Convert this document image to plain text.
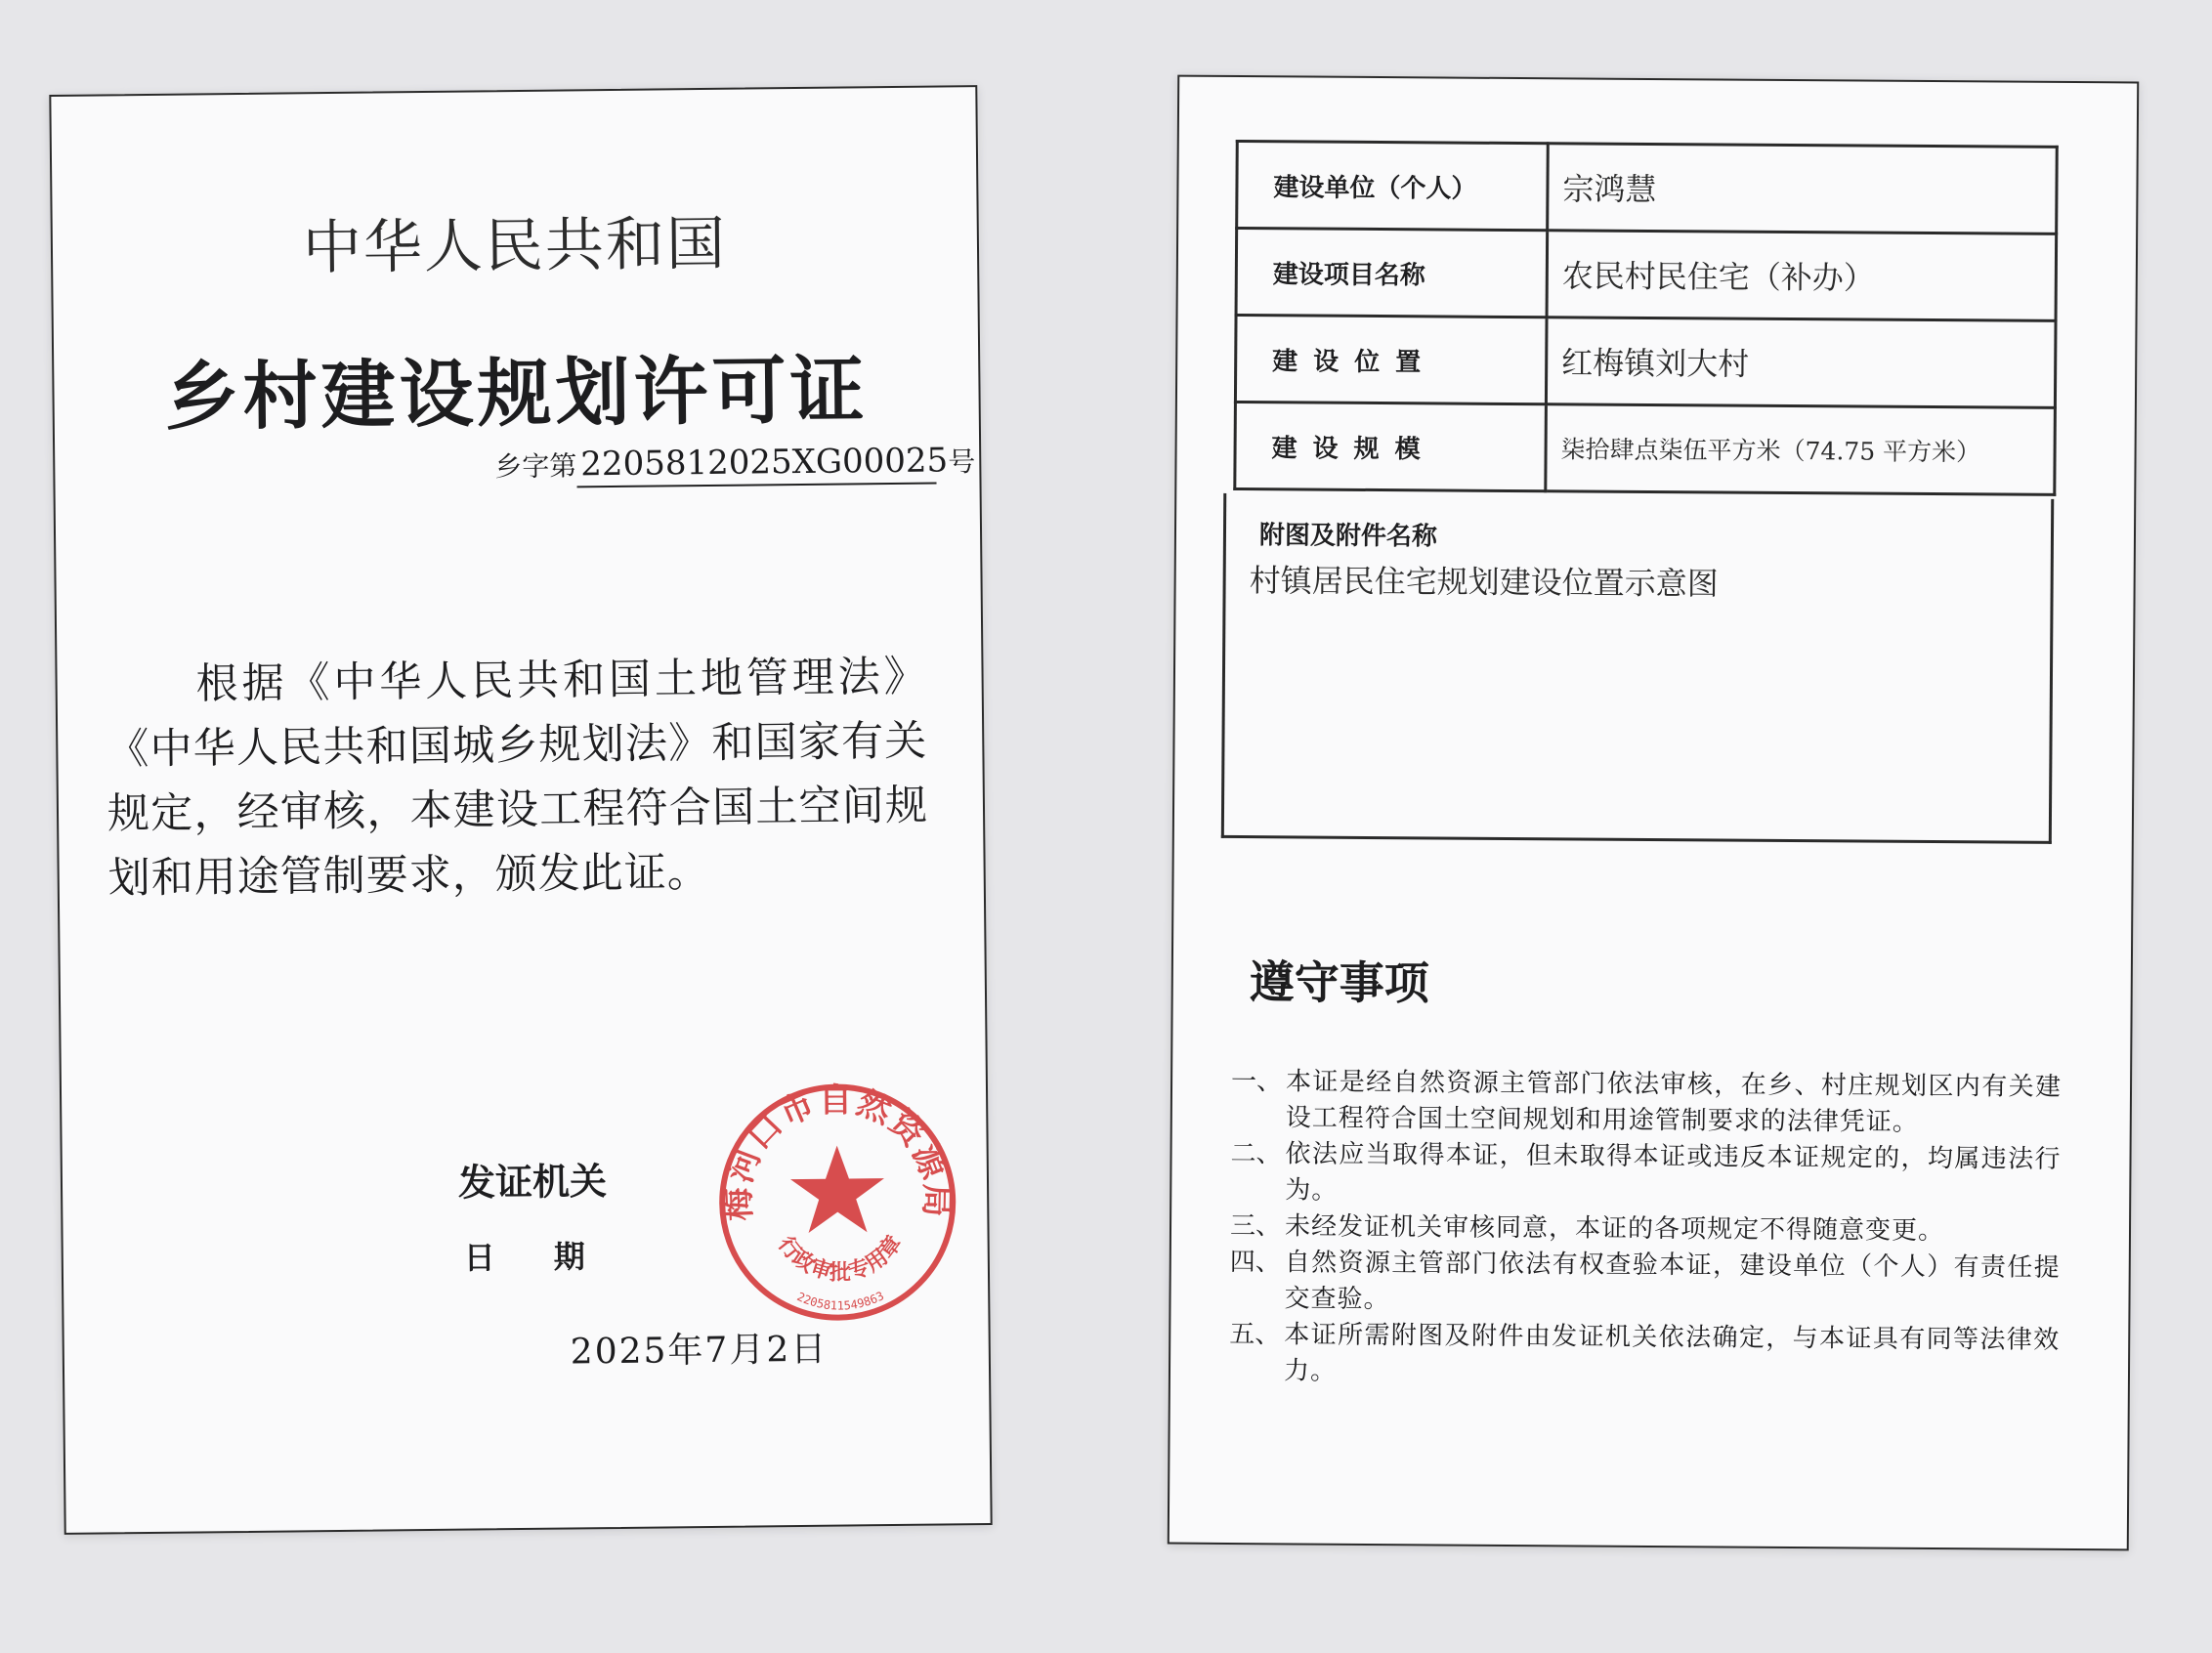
中华人民共和国
乡村建设规划许可证
乡字第 2205812025XG00025 号
根据《中华人民共和国土地管理法》《中华人民共和国城乡规划法》和国家有关规定，经审核，本建设工程符合国土空间规划和用途管制要求，颁发此证。
发证机关
日期
2025年7月2日
梅河口市自然资源局
行政审批专用章
2205811549863
建设单位（个人）	宗鸿慧
建设项目名称	农民村民住宅（补办）
建设位置	红梅镇刘大村
建设规模	柒拾肆点柒伍平方米（74.75 平方米）
附图及附件名称
村镇居民住宅规划建设位置示意图
遵守事项
一、 本证是经自然资源主管部门依法审核，在乡、村庄规划区内有关建设工程符合国土空间规划和用途管制要求的法律凭证。
二、 依法应当取得本证，但未取得本证或违反本证规定的，均属违法行为。
三、 未经发证机关审核同意，本证的各项规定不得随意变更。
四、 自然资源主管部门依法有权查验本证，建设单位（个人）有责任提交查验。
五、 本证所需附图及附件由发证机关依法确定，与本证具有同等法律效力。
